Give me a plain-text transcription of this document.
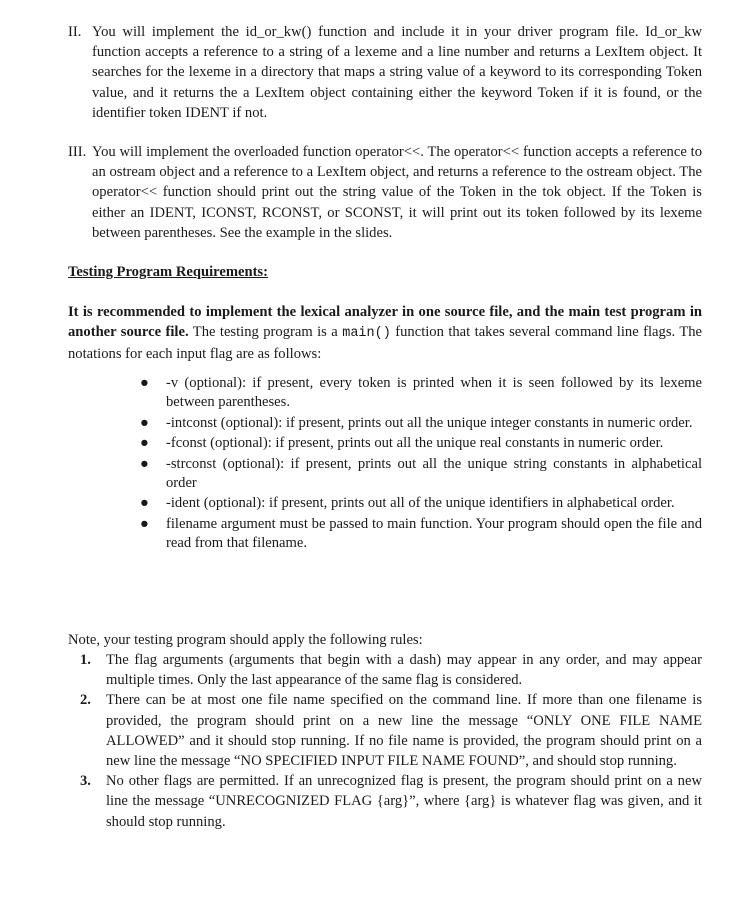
II. You will implement the id_or_kw() function and include it in your driver program file. Id_or_kw function accepts a reference to a string of a lexeme and a line number and returns a LexItem object. It searches for the lexeme in a directory that maps a string value of a keyword to its corresponding Token value, and it returns the a LexItem object containing either the keyword Token if it is found, or the identifier token IDENT if not.
III. You will implement the overloaded function operator<<. The operator<< function accepts a reference to an ostream object and a reference to a LexItem object, and returns a reference to the ostream object. The operator<< function should print out the string value of the Token in the tok object. If the Token is either an IDENT, ICONST, RCONST, or SCONST, it will print out its token followed by its lexeme between parentheses. See the example in the slides.
Testing Program Requirements:
It is recommended to implement the lexical analyzer in one source file, and the main test program in another source file. The testing program is a main() function that takes several command line flags. The notations for each input flag are as follows:
● -v (optional): if present, every token is printed when it is seen followed by its lexeme between parentheses.
● -intconst (optional): if present, prints out all the unique integer constants in numeric order.
● -fconst (optional): if present, prints out all the unique real constants in numeric order.
● -strconst (optional): if present, prints out all the unique string constants in alphabetical order
● -ident (optional): if present, prints out all of the unique identifiers in alphabetical order.
● filename argument must be passed to main function. Your program should open the file and read from that filename.
Note, your testing program should apply the following rules:
1. The flag arguments (arguments that begin with a dash) may appear in any order, and may appear multiple times. Only the last appearance of the same flag is considered.
2. There can be at most one file name specified on the command line. If more than one filename is provided, the program should print on a new line the message “ONLY ONE FILE NAME ALLOWED” and it should stop running. If no file name is provided, the program should print on a new line the message “NO SPECIFIED INPUT FILE NAME FOUND”, and should stop running.
3. No other flags are permitted. If an unrecognized flag is present, the program should print on a new line the message “UNRECOGNIZED FLAG {arg}”, where {arg} is whatever flag was given, and it should stop running.
